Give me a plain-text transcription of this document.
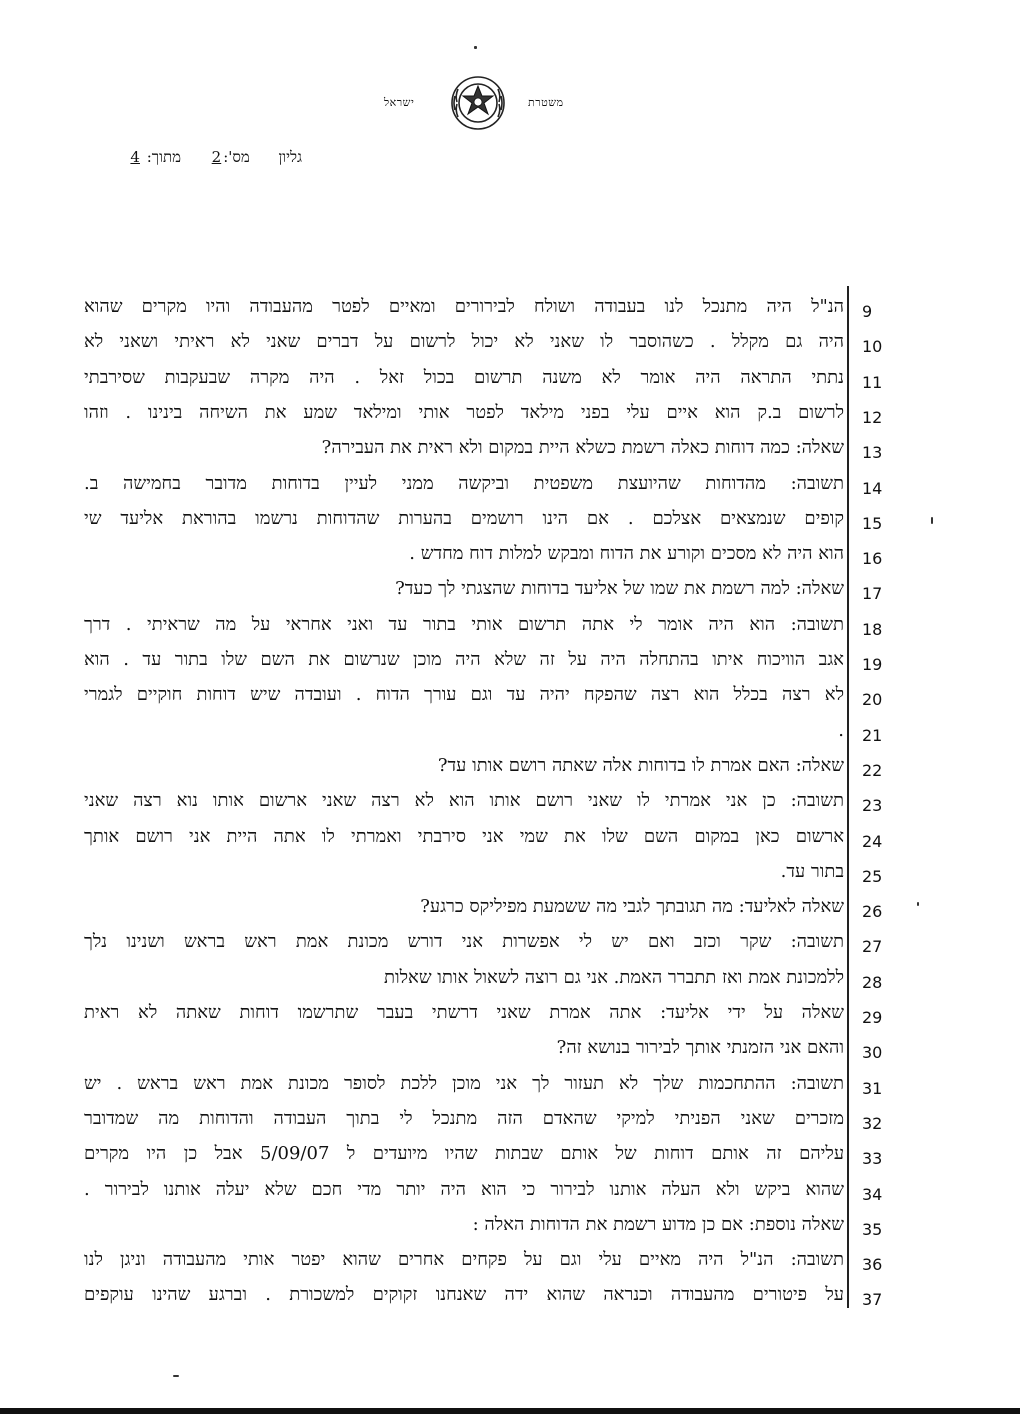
משטרת
ישראל
גליון      מס':2      מתוך: 4
9
הנ"ל היה מתנכל לנו בעבודה ושולח לבירורים ומאיים לפטר מהעבודה והיו מקרים שהוא
10
היה גם מקלל . כשהוסבר לו שאני לא יכול לרשום על דברים שאני לא ראיתי ושאני לא
11
נתתי התראה היה אומר לא משנה תרשום בכול זאל . היה מקרה שבעקבות שסירבתי
12
לרשום ב.ק הוא איים עלי בפני מילאד לפטר אותי ומילאד שמע את השיחה בינינו . וזהו
13
שאלה: כמה דוחות כאלה רשמת כשלא היית במקום ולא ראית את העבירה?
14
תשובה: מהדוחות שהיועצת משפטית וביקשה ממני לעיין בדוחות מדובר בחמישה ב.
15
קופים שנמצאים אצלכם . אם הינו רושמים בהערות שהדוחות נרשמו בהוראת אליעד שי
16
הוא היה לא מסכים וקורע את הדוח ומבקש למלות דוח מחדש .
17
שאלה: למה רשמת את שמו של אליעד בדוחות שהצגתי לך כעד?
18
תשובה: הוא היה אומר לי אתה תרשום אותי בתור עד ואני אחראי על מה שראיתי . דרך
19
אגב הוויכוח איתו בהתחלה היה על זה שלא היה מוכן שנרשום את השם שלו בתור עד . הוא
20
לא רצה בכלל הוא רצה שהפקח יהיה עד וגם עורך הדוח . ועובדה שיש דוחות חוקיים לגמרי
21
.
22
שאלה: האם אמרת לו בדוחות אלה שאתה רושם אותו עד?
23
תשובה: כן אני אמרתי לו שאני רושם אותו הוא לא רצה שאני ארשום אותו נוא רצה שאני
24
ארשום כאן במקום השם שלו את שמי אני סירבתי ואמרתי לו אתה היית אני רושם אותך
25
בתור עד.
26
שאלה לאליעד: מה תגובתך לגבי מה ששמעת מפיליקס כרגע?
27
תשובה: שקר וכזב ואם יש לי אפשרות אני דורש מכונת אמת ראש בראש ושנינו נלך
28
ללמכונת אמת ואז תתברר האמת. אני גם רוצה לשאול אותו שאלות
29
שאלה על ידי אליעד: אתה אמרת שאני דרשתי בעבר שתרשמו דוחות שאתה לא ראית
30
והאם אני הזמנתי אותך לבירור בנושא זה?
31
תשובה: ההתחכמות שלך לא תעזור לך אני מוכן ללכת לסופר מכונת אמת ראש בראש . יש
32
מזכרים שאני הפניתי למיקי שהאדם הזה מתנכל לי בתוך העבודה והדוחות מה שמדובר
33
עליהם זה אותם דוחות של אותם שבתות שהיו מיועדים ל 5/09/07 אבל כן היו מקרים
34
שהוא ביקש ולא העלה אותנו לבירור כי הוא היה יותר מדי חכם שלא יעלה אותנו לבירור .
35
שאלה נוספת: אם כן מדוע רשמת את הדוחות האלה :
36
תשובה: הנ"ל היה מאיים עלי וגם על פקחים אחרים שהוא יפטר אותי מהעבודה וניגן לנו
37
על פיטורים מהעבודה וכנראה שהוא ידה שאנחנו זקוקים למשכורת . וברגע שהינו עוקפים
